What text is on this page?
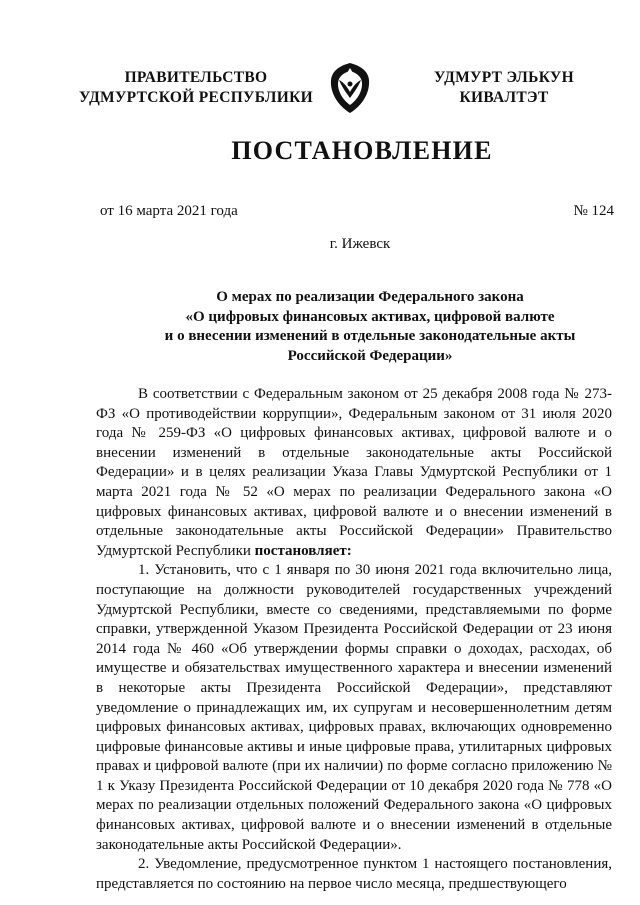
ПРАВИТЕЛЬСТВО
УДМУРТСКОЙ РЕСПУБЛИКИ
УДМУРТ ЭЛЬКУН
КИВАЛТЭТ
ПОСТАНОВЛЕНИЕ
от 16 марта 2021 года	№ 124
г. Ижевск
О мерах по реализации Федерального закона
«О цифровых финансовых активах, цифровой валюте
и о внесении изменений в отдельные законодательные акты
Российской Федерации»

В соответствии с Федеральным законом от 25 декабря 2008 года № 273-ФЗ «О противодействии коррупции», Федеральным законом от 31 июля 2020 года № 259-ФЗ «О цифровых финансовых активах, цифровой валюте и о внесении изменений в отдельные законодательные акты Российской Федерации» и в целях реализации Указа Главы Удмуртской Республики от 1 марта 2021 года № 52 «О мерах по реализации Федерального закона «О цифровых финансовых активах, цифровой валюте и о внесении изменений в отдельные законодательные акты Российской Федерации» Правительство Удмуртской Республики постановляет:

1. Установить, что с 1 января по 30 июня 2021 года включительно лица, поступающие на должности руководителей государственных учреждений Удмуртской Республики, вместе со сведениями, представляемыми по форме справки, утвержденной Указом Президента Российской Федерации от 23 июня 2014 года № 460 «Об утверждении формы справки о доходах, расходах, об имуществе и обязательствах имущественного характера и внесении изменений в некоторые акты Президента Российской Федерации», представляют уведомление о принадлежащих им, их супругам и несовершеннолетним детям цифровых финансовых активах, цифровых правах, включающих одновременно цифровые финансовые активы и иные цифровые права, утилитарных цифровых правах и цифровой валюте (при их наличии) по форме согласно приложению № 1 к Указу Президента Российской Федерации от 10 декабря 2020 года № 778 «О мерах по реализации отдельных положений Федерального закона «О цифровых финансовых активах, цифровой валюте и о внесении изменений в отдельные законодательные акты Российской Федерации».

2. Уведомление, предусмотренное пунктом 1 настоящего постановления, представляется по состоянию на первое число месяца, предшествующего
